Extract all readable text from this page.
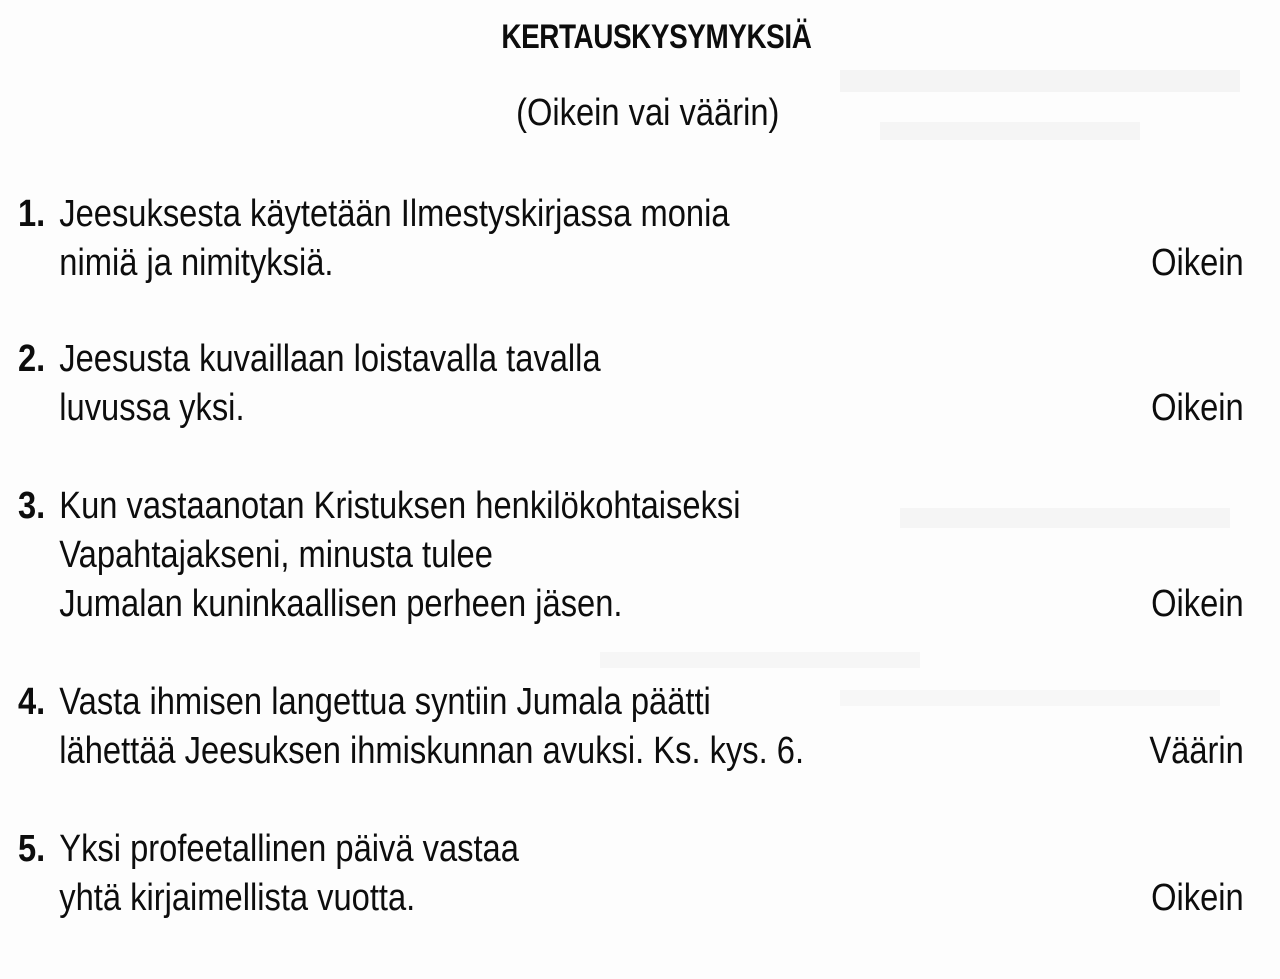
KERTAUSKYSYMYKSIÄ
(Oikein vai väärin)
1. Jeesuksesta käytetään Ilmestyskirjassa monia
nimiä ja nimityksiä.	Oikein
2. Jeesusta kuvaillaan loistavalla tavalla
luvussa yksi.	Oikein
3. Kun vastaanotan Kristuksen henkilökohtaiseksi
Vapahtajakseni, minusta tulee
Jumalan kuninkaallisen perheen jäsen.	Oikein
4. Vasta ihmisen langettua syntiin Jumala päätti
lähettää Jeesuksen ihmiskunnan avuksi. Ks. kys. 6.	Väärin
5. Yksi profeetallinen päivä vastaa
yhtä kirjaimellista vuotta.	Oikein
